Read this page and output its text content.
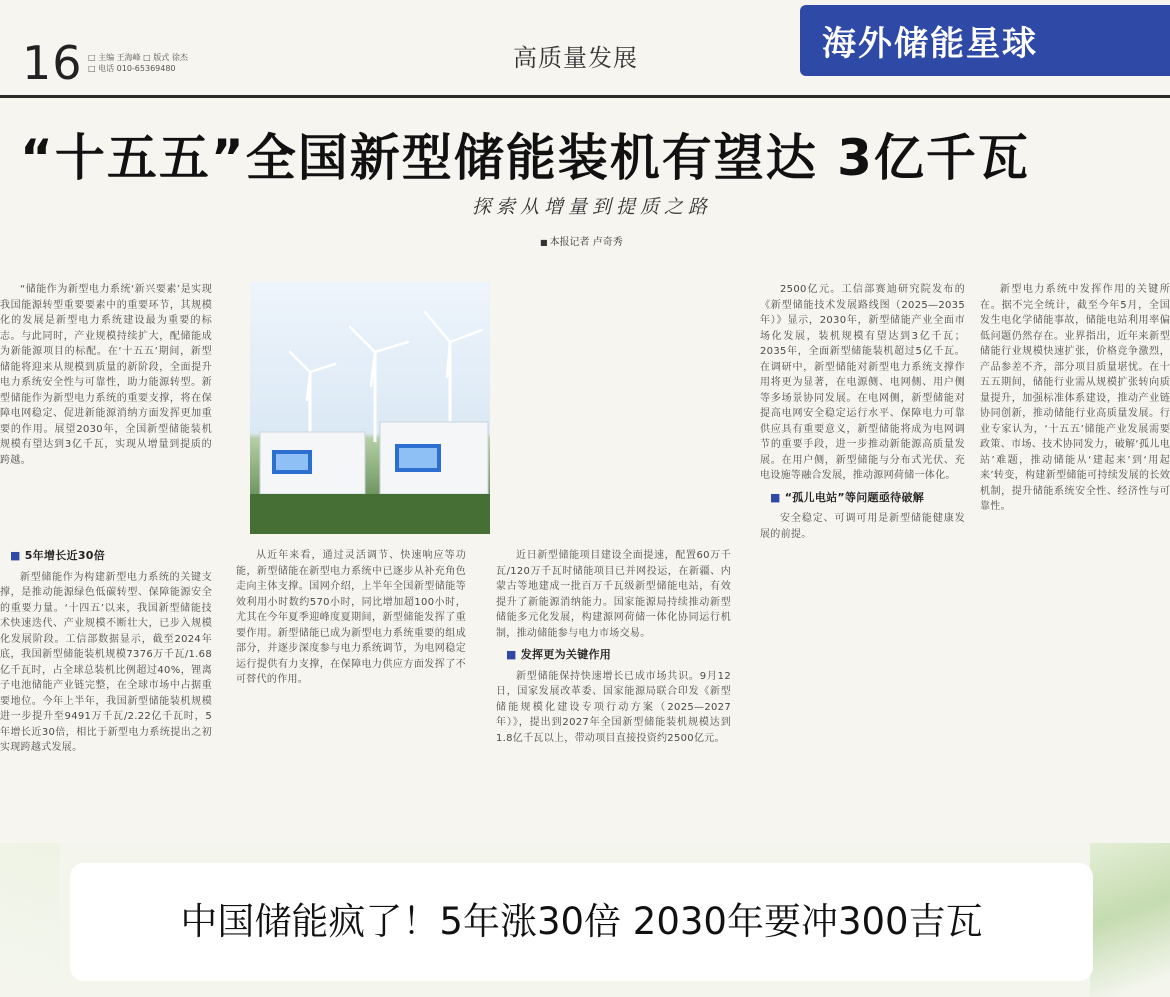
16 □ 主编 王海峰 □ 版式 徐杰
□ 电话 010-65369480	高质量发展	海外储能星球
“十五五”全国新型储能装机有望达 3亿千瓦
探索从增量到提质之路
■ 本报记者 卢奇秀

“储能作为新型电力系统‘新兴要素’是实现我国能源转型重要要素中的重要环节，其规模化的发展是新型电力系统建设最为重要的标志。与此同时，产业规模持续扩大，配储能成为新能源项目的标配。在‘十五五’期间，新型储能将迎来从规模到质量的新阶段，全面提升电力系统安全性与可靠性，助力能源转型。新型储能作为新型电力系统的重要支撑，将在保障电网稳定、促进新能源消纳方面发挥更加重要的作用。展望2030年，全国新型储能装机规模有望达到3亿千瓦，实现从增量到提质的跨越。

■ 5年增长近30倍

新型储能作为构建新型电力系统的关键支撑，是推动能源绿色低碳转型、保障能源安全的重要力量。‘十四五’以来，我国新型储能技术快速迭代、产业规模不断壮大，已步入规模化发展阶段。工信部数据显示，截至2024年底，我国新型储能装机规模7376万千瓦/1.68亿千瓦时，占全球总装机比例超过40%，锂离子电池储能产业链完整，在全球市场中占据重要地位。今年上半年，我国新型储能装机规模进一步提升至9491万千瓦/2.22亿千瓦时，5年增长近30倍，相比于新型电力系统提出之初实现跨越式发展。

从近年来看，通过灵活调节、快速响应等功能，新型储能在新型电力系统中已逐步从补充角色走向主体支撑。国网介绍，上半年全国新型储能等效利用小时数约570小时，同比增加超100小时，尤其在今年夏季迎峰度夏期间，新型储能发挥了重要作用。新型储能已成为新型电力系统重要的组成部分，并逐步深度参与电力系统调节，为电网稳定运行提供有力支撑，在保障电力供应方面发挥了不可替代的作用。

近日新型储能项目建设全面提速，配置60万千瓦/120万千瓦时储能项目已并网投运，在新疆、内蒙古等地建成一批百万千瓦级新型储能电站，有效提升了新能源消纳能力。国家能源局持续推动新型储能多元化发展，构建源网荷储一体化协同运行机制，推动储能参与电力市场交易。

■ 发挥更为关键作用

新型储能保持快速增长已成市场共识。9月12日，国家发展改革委、国家能源局联合印发《新型储能规模化建设专项行动方案（2025—2027年）》，提出到2027年全国新型储能装机规模达到1.8亿千瓦以上，带动项目直接投资约2500亿元。

2500亿元。工信部赛迪研究院发布的《新型储能技术发展路线图（2025—2035年）》显示，2030年，新型储能产业全面市场化发展，装机规模有望达到3亿千瓦；2035年，全面新型储能装机超过5亿千瓦。在调研中，新型储能对新型电力系统支撑作用将更为显著，在电源侧、电网侧、用户侧等多场景协同发展。在电网侧，新型储能对提高电网安全稳定运行水平、保障电力可靠供应具有重要意义，新型储能将成为电网调节的重要手段，进一步推动新能源高质量发展。在用户侧，新型储能与分布式光伏、充电设施等融合发展，推动源网荷储一体化。

■ “孤儿电站”等问题亟待破解

安全稳定、可调可用是新型储能健康发展的前提。

新型电力系统中发挥作用的关键所在。据不完全统计，截至今年5月，全国发生电化学储能事故，储能电站利用率偏低问题仍然存在。业界指出，近年来新型储能行业规模快速扩张，价格竞争激烈，产品参差不齐，部分项目质量堪忧。在十五五期间，储能行业需从规模扩张转向质量提升，加强标准体系建设，推动产业链协同创新，推动储能行业高质量发展。行业专家认为，‘十五五’储能产业发展需要政策、市场、技术协同发力，破解‘孤儿电站’难题，推动储能从‘建起来’到‘用起来’转变，构建新型储能可持续发展的长效机制，提升储能系统安全性、经济性与可靠性。

中国储能疯了！5年涨30倍 2030年要冲300吉瓦
